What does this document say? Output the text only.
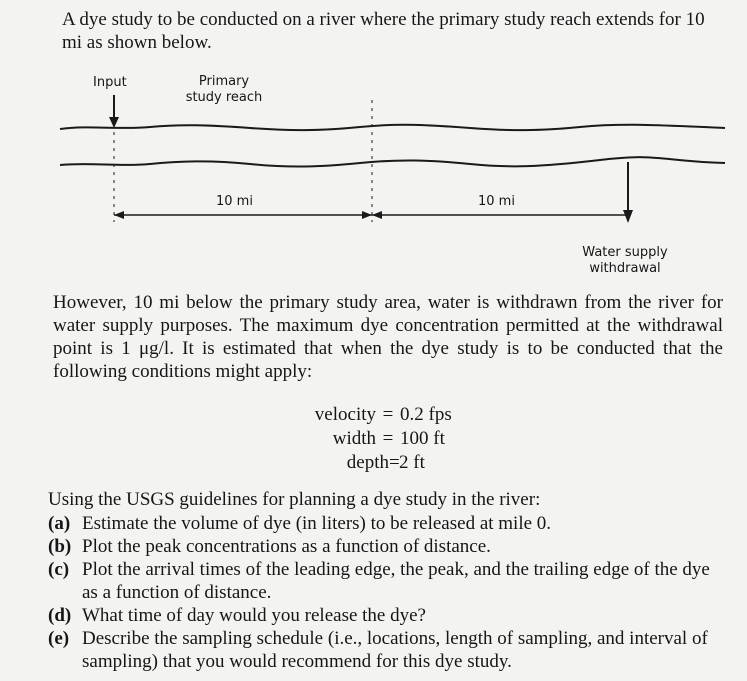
A dye study to be conducted on a river where the primary study reach extends for 10 mi as shown below.
Input	Primary
study reach
10 mi	10 mi
Water supply
withdrawal
However, 10 mi below the primary study area, water is withdrawn from the river for water supply purposes. The maximum dye concentration permitted at the withdrawal point is 1 μg/l. It is estimated that when the dye study is to be conducted that the following conditions might apply:
velocity = 0.2 fps
width = 100 ft
depth = 2 ft

Using the USGS guidelines for planning a dye study in the river:

(a) Estimate the volume of dye (in liters) to be released at mile 0.
(b) Plot the peak concentrations as a function of distance.
(c) Plot the arrival times of the leading edge, the peak, and the trailing edge of the dye as a function of distance.
(d) What time of day would you release the dye?
(e) Describe the sampling schedule (i.e., locations, length of sampling, and interval of sampling) that you would recommend for this dye study.
